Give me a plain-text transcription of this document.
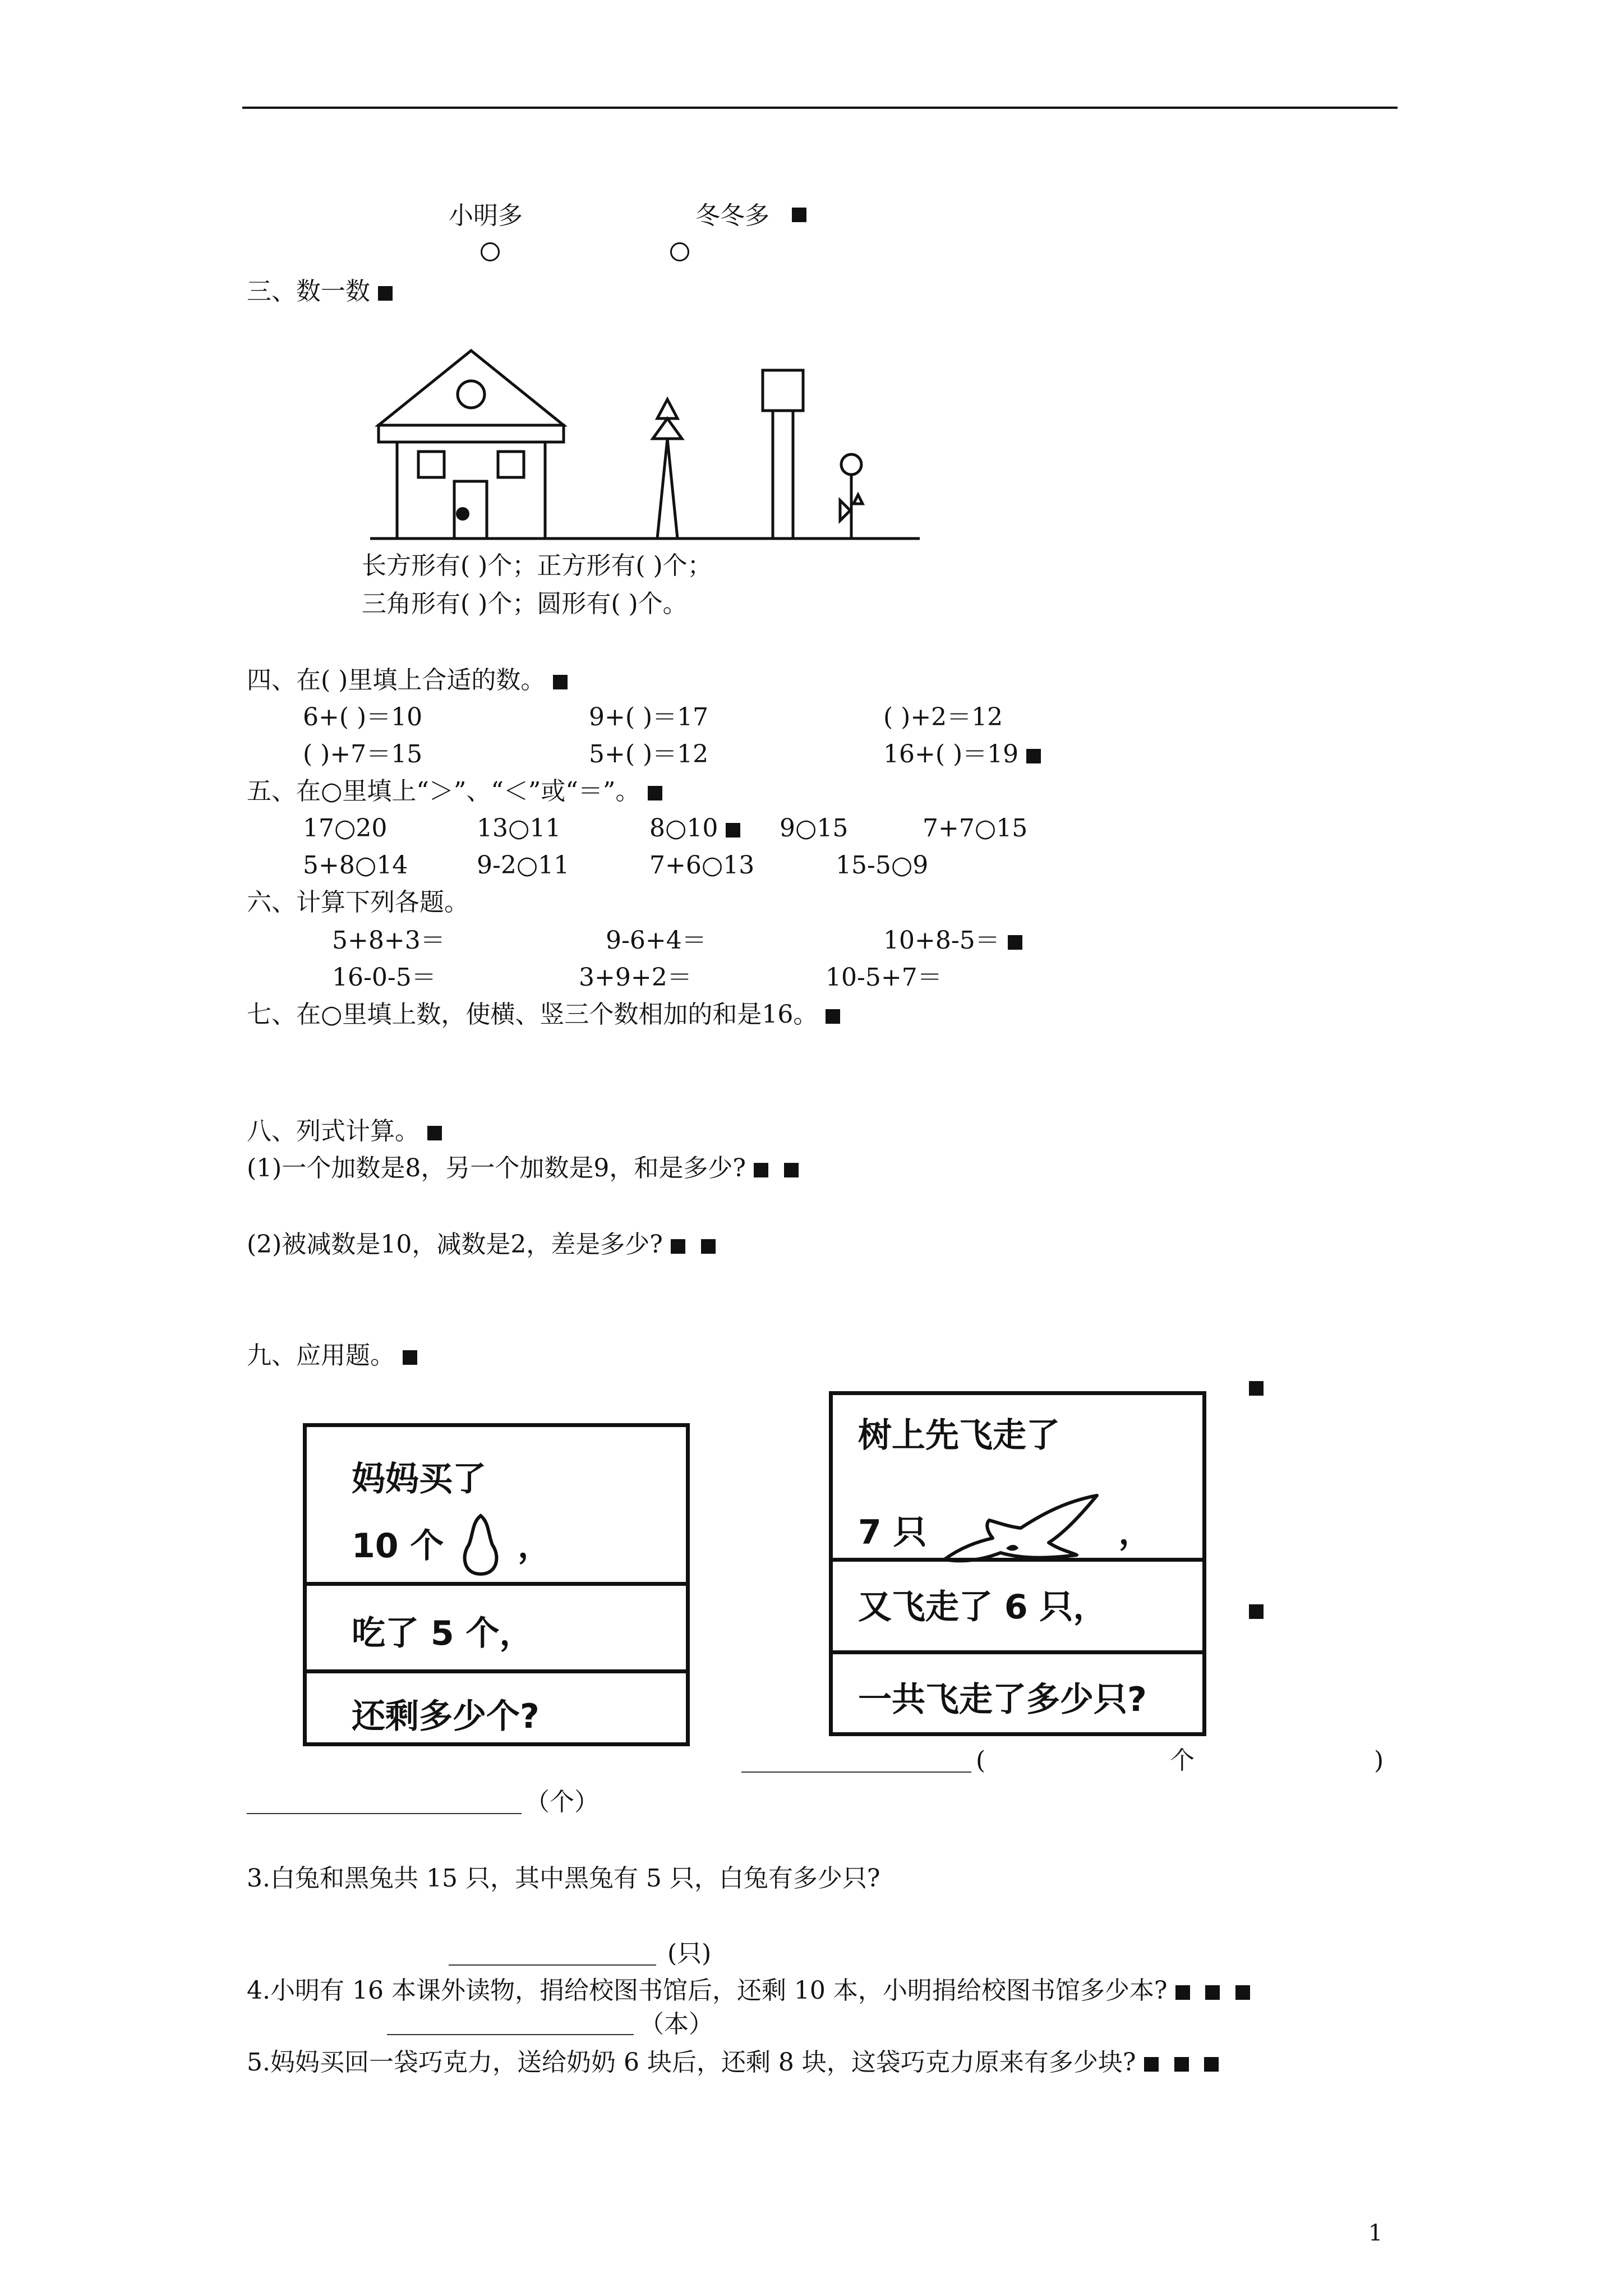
小明多	冬冬多
三、数一数
长方形有( )个；正方形有( )个；
三角形有( )个；圆形有( )个。
四、在( )里填上合适的数。
6+( )＝10	9+( )＝17	( )+2＝12
( )+7＝15	5+( )＝12	16+( )＝19
五、在○里填上“＞”、“＜”或“＝”。
17○20	13○11	8○10	9○15	7+7○15
5+8○14	9-2○11	7+6○13	15-5○9
六、计算下列各题。
5+8+3＝	9-6+4＝	10+8-5＝
16-0-5＝	3+9+2＝	10-5+7＝
七、在○里填上数，使横、竖三个数相加的和是16。
八、列式计算。
(1)一个加数是8，另一个加数是9，和是多少?
(2)被减数是10，减数是2，差是多少?
九、应用题。
妈妈买了
10 个 ，
吃了 5 个，
还剩多少个?
树上先飞走了
7 只	，
又飞走了 6 只，
一共飞走了多少只?
(	个	)
（个）
3.白兔和黑兔共 15 只，其中黑兔有 5 只，白兔有多少只?
(只)
4.小明有 16 本课外读物，捐给校图书馆后，还剩 10 本，小明捐给校图书馆多少本?
（本）
5.妈妈买回一袋巧克力，送给奶奶 6 块后，还剩 8 块，这袋巧克力原来有多少块?
1
